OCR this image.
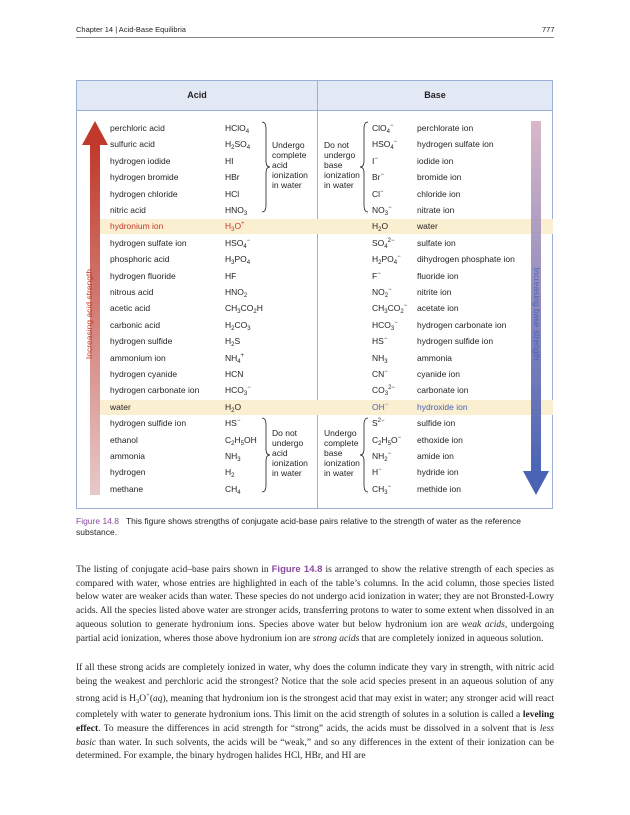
Chapter 14 | Acid-Base Equilibria	777
Acid	Base
perchloric acid	HClO$_4$	ClO$_4$−	perchlorate ion
sulfuric acid	$H_2SO_4$	$HSO_4^-$ hydrogen sulfate ion
hydrogen iodide	HI	I−	iodide ion
hydrogen bromide	HBr	Br−	bromide ion
hydrogen chloride	HCl	Cl−	chloride ion
nitric acid	$HNO_3$	$NO_3^-$	nitrate ion
hydronium ion	$H_3O^+$	$H_2O$	water
hydrogen sulfate ion	$HSO_4^-$	$SO_4^{2-}$	sulfate ion
phosphoric acid	$H_3PO_4$	$H_2PO_4^-$ dihydrogen phosphate ion
hydrogen fluoride	HF	F−	fluoride ion
nitrous acid	$HNO_2$	$NO_2^-$	nitrite ion
acetic acid	$CH_3CO_2H$	$CH_3CO_2^-$ acetate ion
carbonic acid	$H_2CO_3$	$HCO_3^-$ hydrogen carbonate ion
hydrogen sulfide	$H_2S$	HS−	hydrogen sulfide ion
ammonium ion	$NH_4^+$	$NH_3$	ammonia
hydrogen cyanide	HCN	CN−	cyanide ion
hydrogen carbonate ion	$HCO_3^-$	$CO_3^{2-}$	carbonate ion
water	$H_2O$	OH−	hydroxide ion
hydrogen sulfide ion	HS−	$S^{2-}$	sulfide ion
ethanol	$C_2H_5OH$	$C_2H_5O^-$ ethoxide ion
ammonia	$NH_3$	$NH_2^-$	amide ion
hydrogen	$H_2$	H−	hydride ion
methane	$CH_4$	$CH_3^-$	methide ion
Increasing acid strength	Increasing base strength
Undergo
complete
acid
ionization
in water
Do not
undergo
base
ionization
in water
Do not
undergo
acid
ionization
in water
Undergo
complete
base
ionization
in water
Figure 14.8 This figure shows strengths of conjugate acid-base pairs relative to the strength of water as the reference substance.
The listing of conjugate acid–base pairs shown in Figure 14.8 is arranged to show the relative strength of each species as compared with water, whose entries are highlighted in each of the table’s columns. In the acid column, those species listed below water are weaker acids than water. These species do not undergo acid ionization in water; they are not Bronsted-Lowry acids. All the species listed above water are stronger acids, transferring protons to water to some extent when dissolved in an aqueous solution to generate hydronium ions. Species above water but below hydronium ion are weak acids, undergoing partial acid ionization, wheres those above hydronium ion are strong acids that are completely ionized in aqueous solution.
If all these strong acids are completely ionized in water, why does the column indicate they vary in strength, with nitric acid being the weakest and perchloric acid the strongest? Notice that the sole acid species present in an aqueous solution of any strong acid is $H_3O^+(aq)$, meaning that hydronium ion is the strongest acid that may exist in water; any stronger acid will react completely with water to generate hydronium ions. This limit on the acid strength of solutes in a solution is called a leveling effect. To measure the differences in acid strength for “strong” acids, the acids must be dissolved in a solvent that is less basic than water. In such solvents, the acids will be “weak,” and so any differences in the extent of their ionization can be determined. For example, the binary hydrogen halides HCl, HBr, and HI are
